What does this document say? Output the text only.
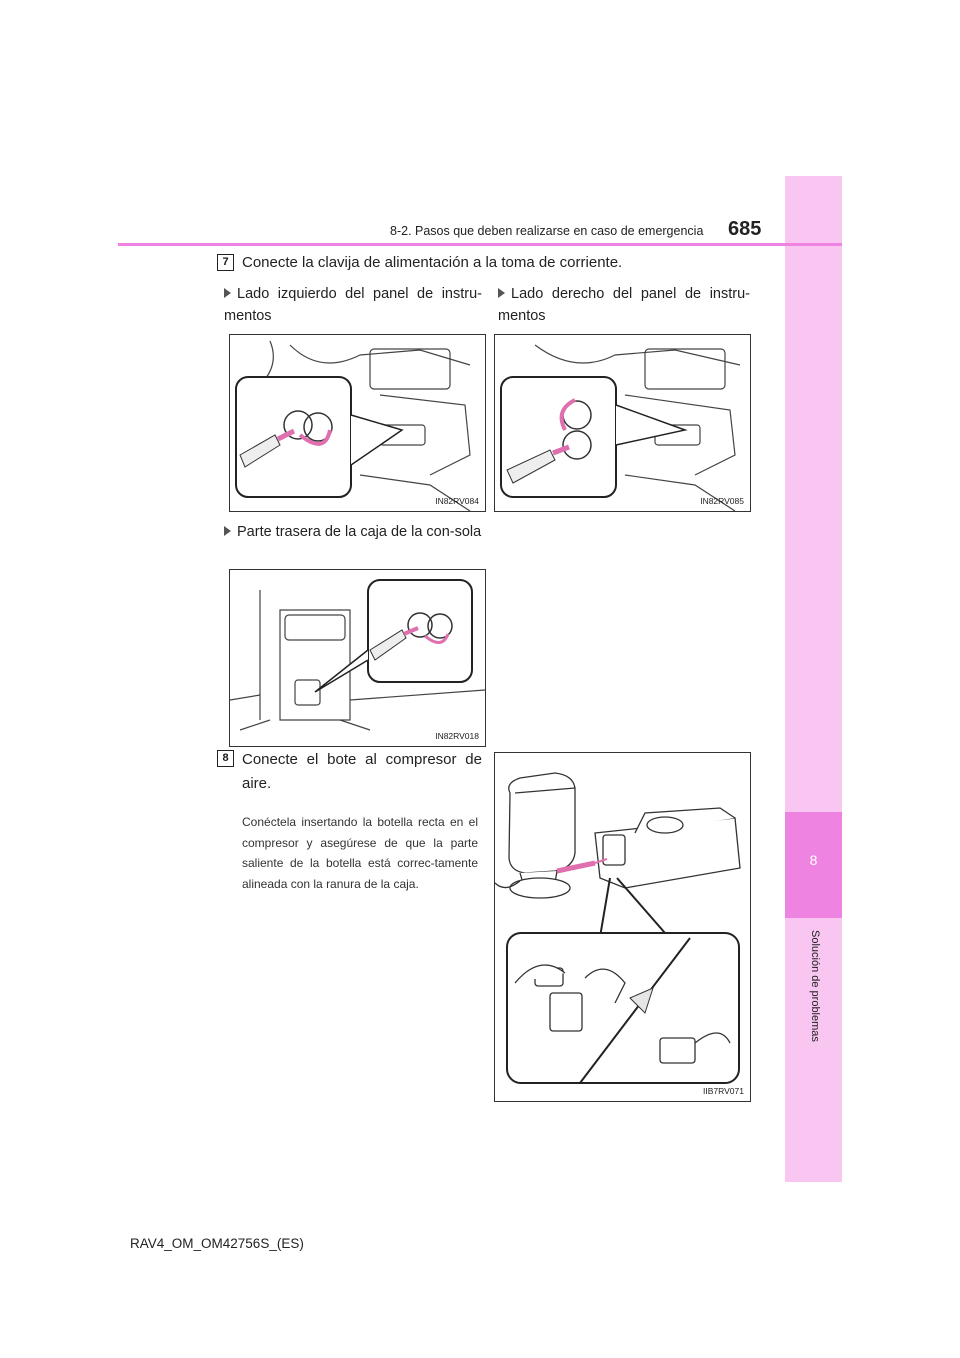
8
Solución de problemas
8-2. Pasos que deben realizarse en caso de emergencia 685
7 Conecte la clavija de alimentación a la toma de corriente.
Lado izquierdo del panel de instru-mentos
Lado derecho del panel de instru-mentos
IN82RV084	IN82RV085
Parte trasera de la caja de la con-sola
IN82RV018
8 Conecte el bote al compresor de aire.
Conéctela insertando la botella recta en el compresor y asegúrese de que la parte saliente de la botella está correc-tamente alineada con la ranura de la caja.
IIB7RV071
RAV4_OM_OM42756S_(ES)
